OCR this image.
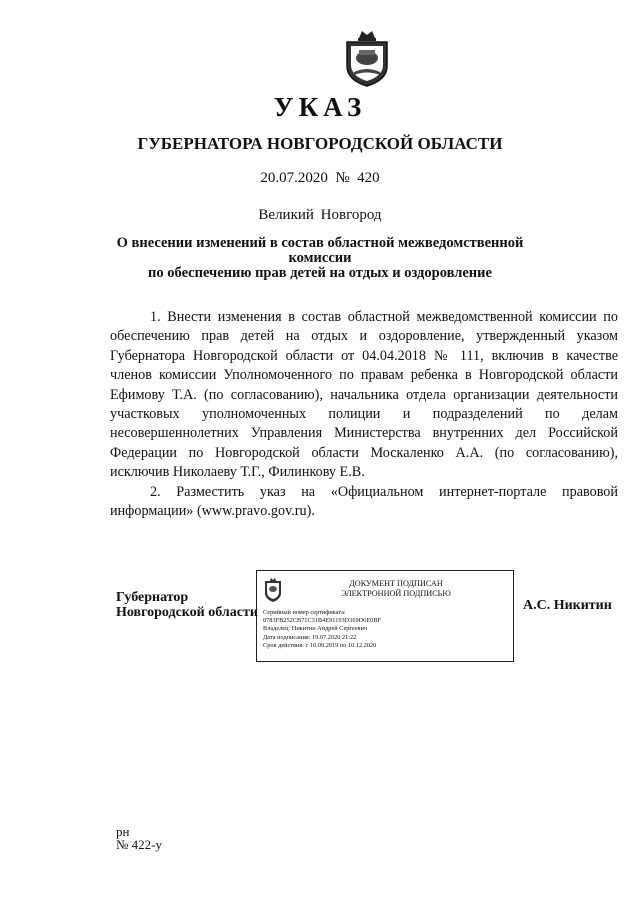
УКАЗ
ГУБЕРНАТОРА НОВГОРОДСКОЙ ОБЛАСТИ
20.07.2020 № 420
Великий Новгород
О внесении изменений в состав областной межведомственной комиссии
по обеспечению прав детей на отдых и оздоровление

1. Внести изменения в состав областной межведомственной комиссии по обеспечению прав детей на отдых и оздоровление, утвержденный указом Губернатора Новгородской области от 04.04.2018 № 111, включив в качестве членов комиссии Уполномоченного по правам ребенка в Новгородской области Ефимову Т.А. (по согласованию), начальника отдела организации деятельности участковых уполномоченных полиции и подразделений по делам несовершеннолетних Управления Министерства внутренних дел Российской Федерации по Новгородской области Москаленко А.А. (по согласованию), исключив Николаеву Т.Г., Филинкову Е.В.

2. Разместить указ на «Официальном интернет-портале правовой информации» (www.pravo.gov.ru).

Губернатор
Новгородской области
ДОКУМЕНТ ПОДПИСАН
ЭЛЕКТРОННОЙ ПОДПИСЬЮ
Серийный номер сертификата:
0783FB252CB71C31B4E91193D369D6E0BF
Владелец: Никитин Андрей Сергеевич
Дата подписания: 19.07.2020 21:22
Срок действия: с 10.09.2019 по 10.12.2020
А.С. Никитин
рн
№ 422-у
